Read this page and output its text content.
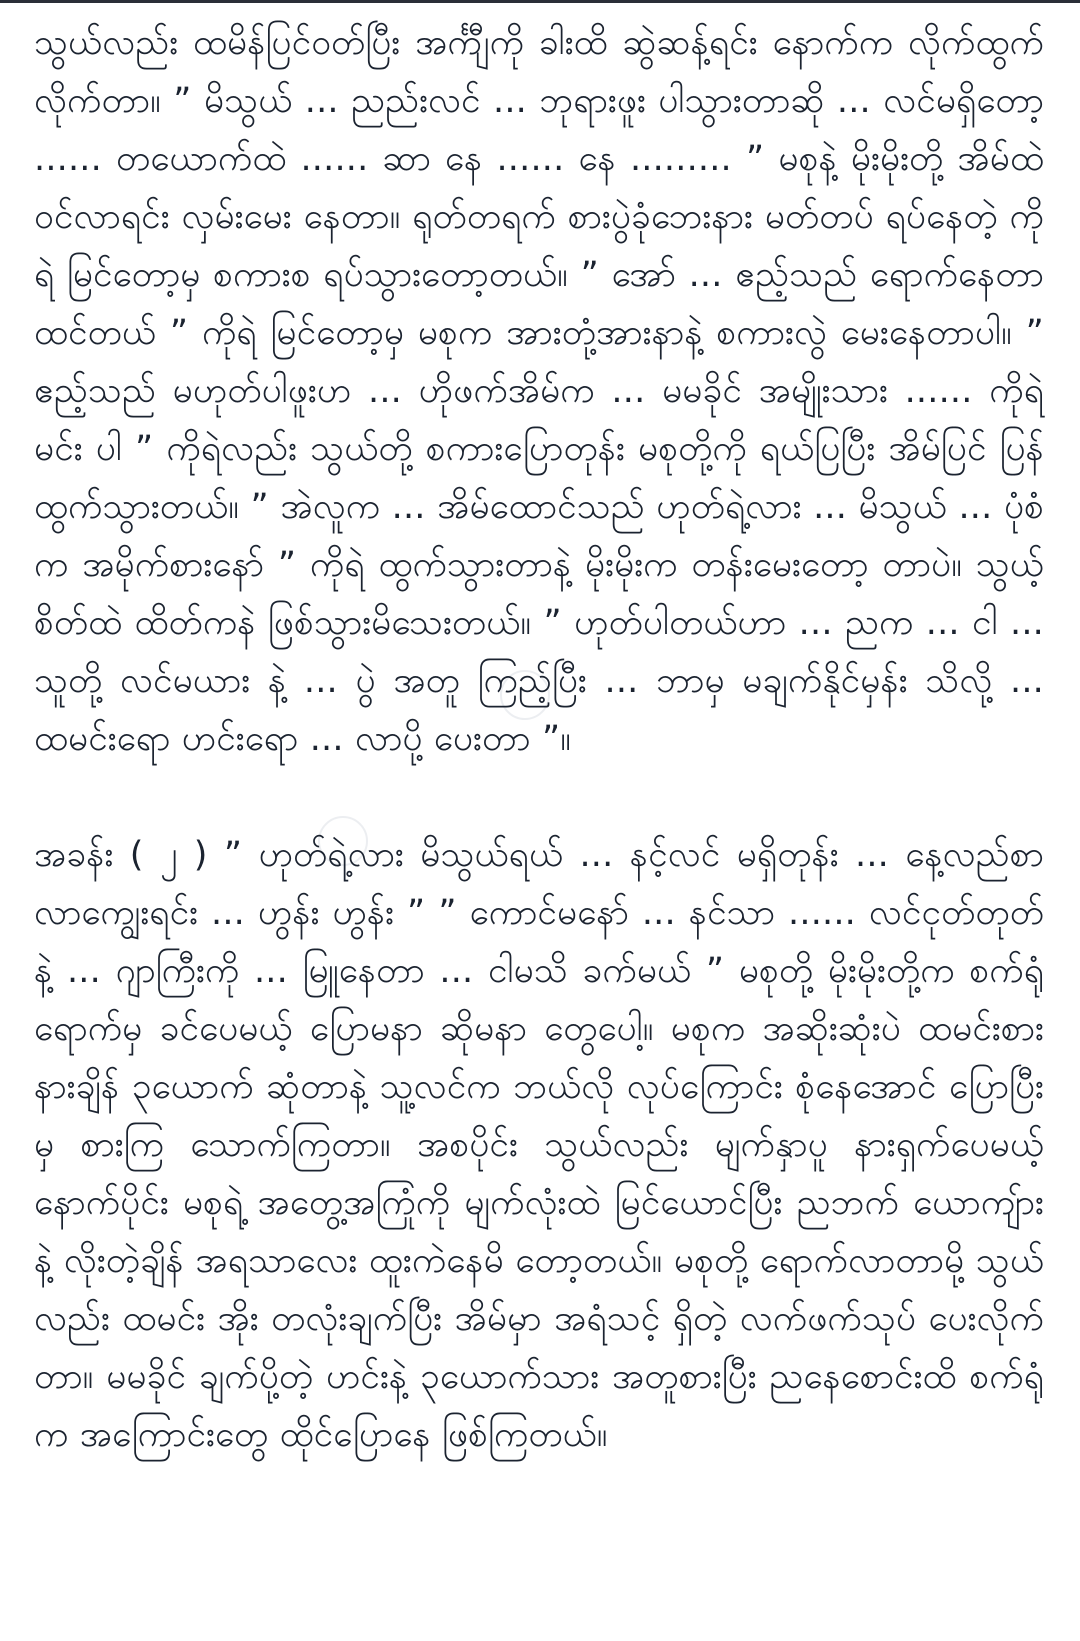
သွယ်လည်း ထမိန်ပြင်ဝတ်ပြီး အင်္ကျီကို ခါးထိ ဆွဲဆန့်ရင်း နောက်က လိုက်ထွက် လိုက်တာ။ ” မိသွယ် ... ညည်းလင် ... ဘုရားဖူး ပါသွားတာဆို ... လင်မရှိတော့ ...... တယောက်ထဲ ...... ဆာ နေ ...... နေ ......... ” မစုနဲ့ မိုးမိုးတို့ အိမ်ထဲ ဝင်လာရင်း လှမ်းမေး နေတာ။ ရုတ်တရက် စားပွဲခုံဘေးနား မတ်တပ် ရပ်နေတဲ့ ကိုရဲ မြင်တော့မှ စကားစ ရပ်သွားတော့တယ်။ ” အော် ... ဧည့်သည် ရောက်နေတာ ထင်တယ် ” ကိုရဲ မြင်တော့မှ မစုက အားတုံ့အားနာနဲ့ စကားလွဲ မေးနေတာပါ။ ” ဧည့်သည် မဟုတ်ပါဖူးဟ ... ဟိုဖက်အိမ်က ... မမခိုင် အမျိုးသား ...... ကိုရဲမင်း ပါ ” ကိုရဲလည်း သွယ်တို့ စကားပြောတုန်း မစုတို့ကို ရယ်ပြပြီး အိမ်ပြင် ပြန်ထွက်သွားတယ်။ ” အဲလူက ... အိမ်ထောင်သည် ဟုတ်ရဲ့လား ... မိသွယ် ... ပုံစံက အမိုက်စားနော် ” ကိုရဲ ထွက်သွားတာနဲ့ မိုးမိုးက တန်းမေးတော့ တာပဲ။ သွယ့် စိတ်ထဲ ထိတ်ကနဲ ဖြစ်သွားမိသေးတယ်။ ” ဟုတ်ပါတယ်ဟာ ... ညက ... ငါ ... သူတို့ လင်မယား နဲ့ ... ပွဲ အတူ ကြည့်ပြီး ... ဘာမှ မချက်နိုင်မှန်း သိလို့ ... ထမင်းရော ဟင်းရော ... လာပို့ ပေးတာ ”။

အခန်း ( ၂ ) ” ဟုတ်ရဲ့လား မိသွယ်ရယ် ... နင့်လင် မရှိတုန်း ... နေ့လည်စာ လာကျွေးရင်း ... ဟွန်း ဟွန်း ” ” ကောင်မနော် ... နင်သာ ...... လင်ငုတ်တုတ်နဲ့ ... ဂျာကြီးကို ... မြူနေတာ ... ငါမသိ ခက်မယ် ” မစုတို့ မိုးမိုးတို့က စက်ရုံရောက်မှ ခင်ပေမယ့် ပြောမနာ ဆိုမနာ တွေပေါ့။ မစုက အဆိုးဆုံးပဲ ထမင်းစား နားချိန် ၃ယောက် ဆုံတာနဲ့ သူ့လင်က ဘယ်လို လုပ်ကြောင်း စုံနေအောင် ပြောပြီးမှ စားကြ သောက်ကြတာ။ အစပိုင်း သွယ်လည်း မျက်နှာပူ နားရှက်ပေမယ့် နောက်ပိုင်း မစုရဲ့ အတွေ့အကြုံကို မျက်လုံးထဲ မြင်ယောင်ပြီး ညဘက် ယောကျ်ားနဲ့ လိုးတဲ့ချိန် အရသာလေး ထူးကဲနေမိ တော့တယ်။ မစုတို့ ရောက်လာတာမို့ သွယ်လည်း ထမင်း အိုး တလုံးချက်ပြီး အိမ်မှာ အရံသင့် ရှိတဲ့ လက်ဖက်သုပ် ပေးလိုက်တာ။ မမခိုင် ချက်ပို့တဲ့ ဟင်းနဲ့ ၃ယောက်သား အတူစားပြီး ညနေစောင်းထိ စက်ရုံက အကြောင်းတွေ ထိုင်ပြောနေ ဖြစ်ကြတယ်။
